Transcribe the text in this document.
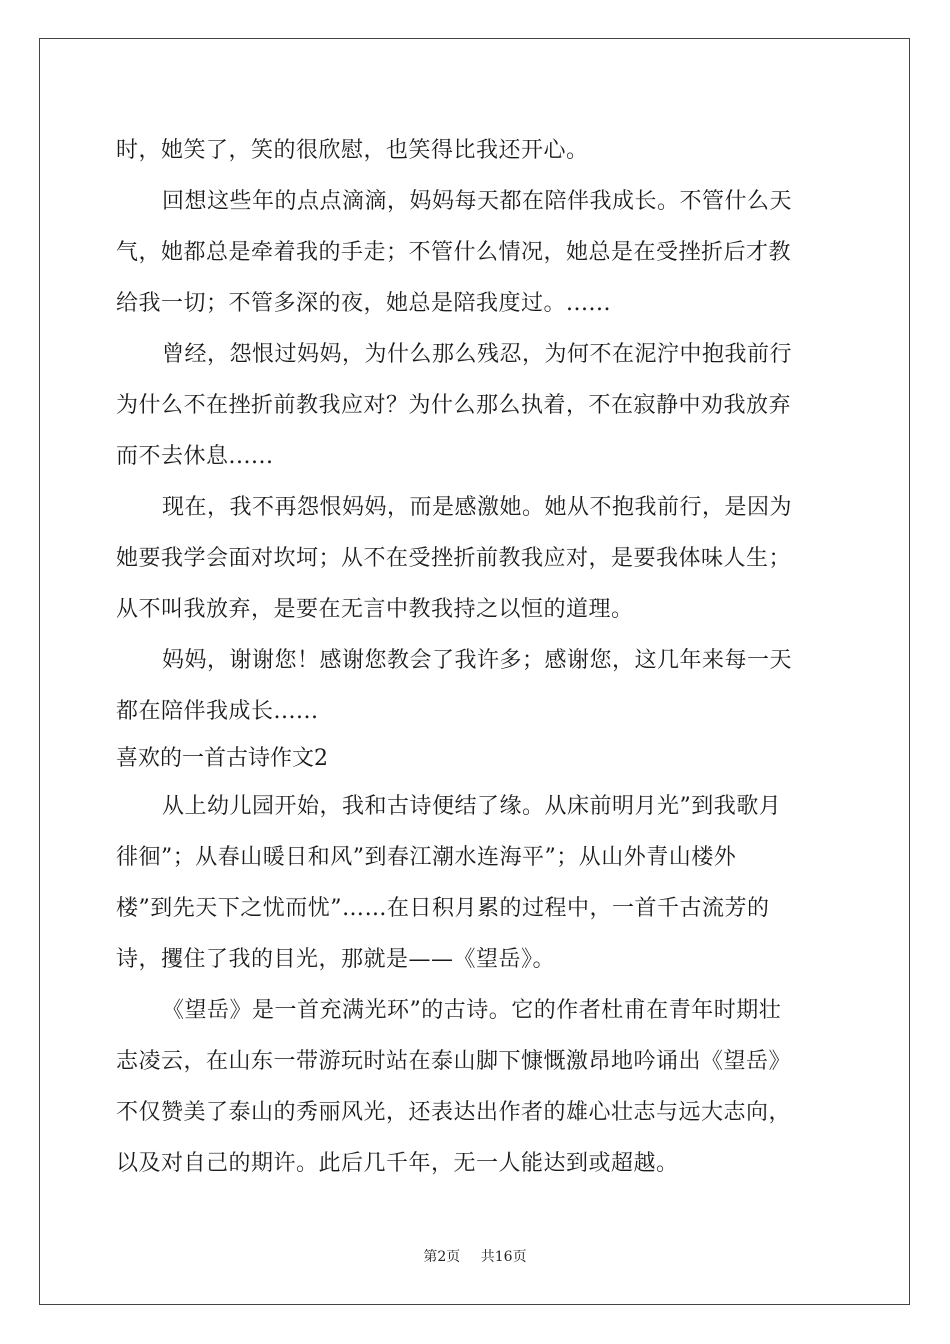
时，她笑了，笑的很欣慰，也笑得比我还开心。
回想这些年的点点滴滴，妈妈每天都在陪伴我成长。不管什么天
气，她都总是牵着我的手走；不管什么情况，她总是在受挫折后才教
给我一切；不管多深的夜，她总是陪我度过。......
曾经，怨恨过妈妈，为什么那么残忍，为何不在泥泞中抱我前行
为什么不在挫折前教我应对？为什么那么执着，不在寂静中劝我放弃
而不去休息......
现在，我不再怨恨妈妈，而是感激她。她从不抱我前行，是因为
她要我学会面对坎坷；从不在受挫折前教我应对，是要我体味人生；
从不叫我放弃，是要在无言中教我持之以恒的道理。
妈妈，谢谢您！感谢您教会了我许多；感谢您，这几年来每一天
都在陪伴我成长......
喜欢的一首古诗作文2
从上幼儿园开始，我和古诗便结了缘。从床前明月光”到我歌月
徘徊”；从春山暖日和风”到春江潮水连海平”；从山外青山楼外
楼”到先天下之忧而忧”……在日积月累的过程中，一首千古流芳的
诗，攫住了我的目光，那就是——《望岳》。
《望岳》是一首充满光环”的古诗。它的作者杜甫在青年时期壮
志凌云，在山东一带游玩时站在泰山脚下慷慨激昂地吟诵出《望岳》
不仅赞美了泰山的秀丽风光，还表达出作者的雄心壮志与远大志向，
以及对自己的期许。此后几千年，无一人能达到或超越。
第2页 共16页
